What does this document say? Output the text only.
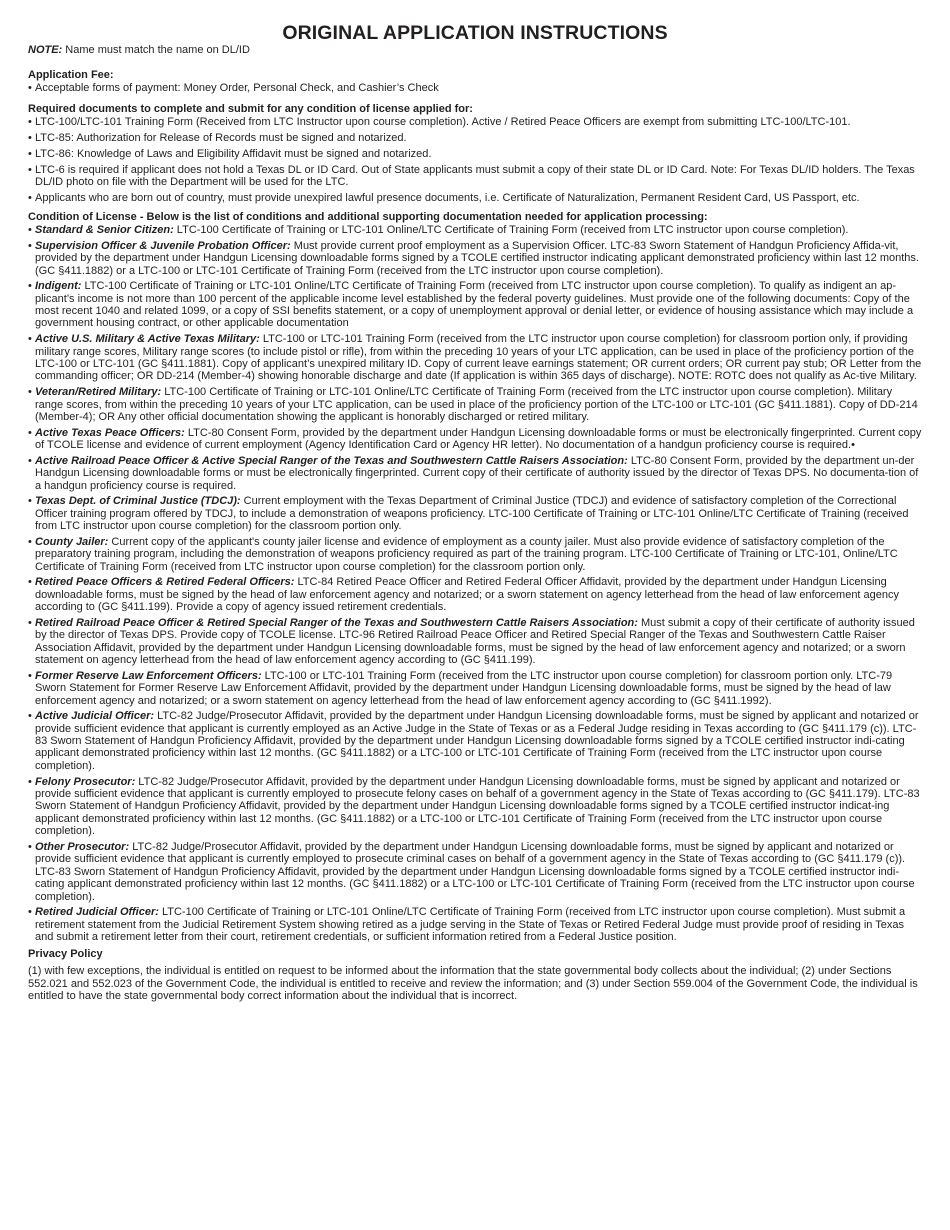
ORIGINAL APPLICATION INSTRUCTIONS
NOTE: Name must match the name on DL/ID
Application Fee:
• Acceptable forms of payment: Money Order, Personal Check, and Cashier’s Check
Required documents to complete and submit for any condition of license applied for:
• LTC-100/LTC-101 Training Form (Received from LTC Instructor upon course completion). Active / Retired Peace Officers are exempt from submitting LTC-100/LTC-101.
• LTC-85: Authorization for Release of Records must be signed and notarized.
• LTC-86: Knowledge of Laws and Eligibility Affidavit must be signed and notarized.
• LTC-6 is required if applicant does not hold a Texas DL or ID Card. Out of State applicants must submit a copy of their state DL or ID Card. Note: For Texas DL/ID holders. The Texas DL/ID photo on file with the Department will be used for the LTC.
• Applicants who are born out of country, must provide unexpired lawful presence documents, i.e. Certificate of Naturalization, Permanent Resident Card, US Passport, etc.
Condition of License - Below is the list of conditions and additional supporting documentation needed for application processing:
• Standard & Senior Citizen: LTC-100 Certificate of Training or LTC-101 Online/LTC Certificate of Training Form (received from LTC instructor upon course completion).
• Supervision Officer & Juvenile Probation Officer: Must provide current proof employment as a Supervision Officer. LTC-83 Sworn Statement of Handgun Proficiency Affida-vit, provided by the department under Handgun Licensing downloadable forms signed by a TCOLE certified instructor indicating applicant demonstrated proficiency within last 12 months. (GC §411.1882) or a LTC-100 or LTC-101 Certificate of Training Form (received from the LTC instructor upon course completion).
• Indigent: LTC-100 Certificate of Training or LTC-101 Online/LTC Certificate of Training Form (received from LTC instructor upon course completion). To qualify as indigent an ap-plicant’s income is not more than 100 percent of the applicable income level established by the federal poverty guidelines. Must provide one of the following documents: Copy of the most recent 1040 and related 1099, or a copy of SSI benefits statement, or a copy of unemployment approval or denial letter, or evidence of housing assistance which may include a government housing contract, or other applicable documentation
• Active U.S. Military & Active Texas Military: LTC-100 or LTC-101 Training Form (received from the LTC instructor upon course completion) for classroom portion only, if providing military range scores, Military range scores (to include pistol or rifle), from within the preceding 10 years of your LTC application, can be used in place of the proficiency portion of the LTC-100 or LTC-101 (GC §411.1881). Copy of applicant’s unexpired military ID. Copy of current leave earnings statement; OR current orders; OR current pay stub; OR Letter from the commanding officer; OR DD-214 (Member-4) showing honorable discharge and date (If application is within 365 days of discharge). NOTE: ROTC does not qualify as Ac-tive Military.
• Veteran/Retired Military: LTC-100 Certificate of Training or LTC-101 Online/LTC Certificate of Training Form (received from the LTC instructor upon course completion). Military range scores, from within the preceding 10 years of your LTC application, can be used in place of the proficiency portion of the LTC-100 or LTC-101 (GC §411.1881). Copy of DD-214 (Member-4); OR Any other official documentation showing the applicant is honorably discharged or retired military.
• Active Texas Peace Officers: LTC-80 Consent Form, provided by the department under Handgun Licensing downloadable forms or must be electronically fingerprinted. Current copy of TCOLE license and evidence of current employment (Agency Identification Card or Agency HR letter). No documentation of a handgun proficiency course is required.•
• Active Railroad Peace Officer & Active Special Ranger of the Texas and Southwestern Cattle Raisers Association: LTC-80 Consent Form, provided by the department un-der Handgun Licensing downloadable forms or must be electronically fingerprinted. Current copy of their certificate of authority issued by the director of Texas DPS. No documenta-tion of a handgun proficiency course is required.
• Texas Dept. of Criminal Justice (TDCJ): Current employment with the Texas Department of Criminal Justice (TDCJ) and evidence of satisfactory completion of the Correctional Officer training program offered by TDCJ, to include a demonstration of weapons proficiency. LTC-100 Certificate of Training or LTC-101 Online/LTC Certificate of Training (received from LTC instructor upon course completion) for the classroom portion only.
• County Jailer: Current copy of the applicant's county jailer license and evidence of employment as a county jailer. Must also provide evidence of satisfactory completion of the preparatory training program, including the demonstration of weapons proficiency required as part of the training program. LTC-100 Certificate of Training or LTC-101, Online/LTC Certificate of Training Form (received from LTC instructor upon course completion) for the classroom portion only.
• Retired Peace Officers & Retired Federal Officers: LTC-84 Retired Peace Officer and Retired Federal Officer Affidavit, provided by the department under Handgun Licensing downloadable forms, must be signed by the head of law enforcement agency and notarized; or a sworn statement on agency letterhead from the head of law enforcement agency according to (GC §411.199). Provide a copy of agency issued retirement credentials.
• Retired Railroad Peace Officer & Retired Special Ranger of the Texas and Southwestern Cattle Raisers Association: Must submit a copy of their certificate of authority issued by the director of Texas DPS. Provide copy of TCOLE license. LTC-96 Retired Railroad Peace Officer and Retired Special Ranger of the Texas and Southwestern Cattle Raiser Association Affidavit, provided by the department under Handgun Licensing downloadable forms, must be signed by the head of law enforcement agency and notarized; or a sworn statement on agency letterhead from the head of law enforcement agency according to (GC §411.199).
• Former Reserve Law Enforcement Officers: LTC-100 or LTC-101 Training Form (received from the LTC instructor upon course completion) for classroom portion only. LTC-79 Sworn Statement for Former Reserve Law Enforcement Affidavit, provided by the department under Handgun Licensing downloadable forms, must be signed by the head of law enforcement agency and notarized; or a sworn statement on agency letterhead from the head of law enforcement agency according to (GC §411.1992).
• Active Judicial Officer: LTC-82 Judge/Prosecutor Affidavit, provided by the department under Handgun Licensing downloadable forms, must be signed by applicant and notarized or provide sufficient evidence that applicant is currently employed as an Active Judge in the State of Texas or as a Federal Judge residing in Texas according to (GC §411.179 (c)). LTC-83 Sworn Statement of Handgun Proficiency Affidavit, provided by the department under Handgun Licensing downloadable forms signed by a TCOLE certified instructor indi-cating applicant demonstrated proficiency within last 12 months. (GC §411.1882) or a LTC-100 or LTC-101 Certificate of Training Form (received from the LTC instructor upon course completion).
• Felony Prosecutor: LTC-82 Judge/Prosecutor Affidavit, provided by the department under Handgun Licensing downloadable forms, must be signed by applicant and notarized or provide sufficient evidence that applicant is currently employed to prosecute felony cases on behalf of a government agency in the State of Texas according to (GC §411.179). LTC-83 Sworn Statement of Handgun Proficiency Affidavit, provided by the department under Handgun Licensing downloadable forms signed by a TCOLE certified instructor indicat-ing applicant demonstrated proficiency within last 12 months. (GC §411.1882) or a LTC-100 or LTC-101 Certificate of Training Form (received from the LTC instructor upon course completion).
• Other Prosecutor: LTC-82 Judge/Prosecutor Affidavit, provided by the department under Handgun Licensing downloadable forms, must be signed by applicant and notarized or provide sufficient evidence that applicant is currently employed to prosecute criminal cases on behalf of a government agency in the State of Texas according to (GC §411.179 (c)). LTC-83 Sworn Statement of Handgun Proficiency Affidavit, provided by the department under Handgun Licensing downloadable forms signed by a TCOLE certified instructor indi-cating applicant demonstrated proficiency within last 12 months. (GC §411.1882) or a LTC-100 or LTC-101 Certificate of Training Form (received from the LTC instructor upon course completion).
• Retired Judicial Officer: LTC-100 Certificate of Training or LTC-101 Online/LTC Certificate of Training Form (received from LTC instructor upon course completion). Must submit a retirement statement from the Judicial Retirement System showing retired as a judge serving in the State of Texas or Retired Federal Judge must provide proof of residing in Texas and submit a retirement letter from their court, retirement credentials, or sufficient information retired from a Federal Justice position.
Privacy Policy

(1) with few exceptions, the individual is entitled on request to be informed about the information that the state governmental body collects about the individual; (2) under Sections 552.021 and 552.023 of the Government Code, the individual is entitled to receive and review the information; and (3) under Section 559.004 of the Government Code, the individual is entitled to have the state governmental body correct information about the individual that is incorrect.
